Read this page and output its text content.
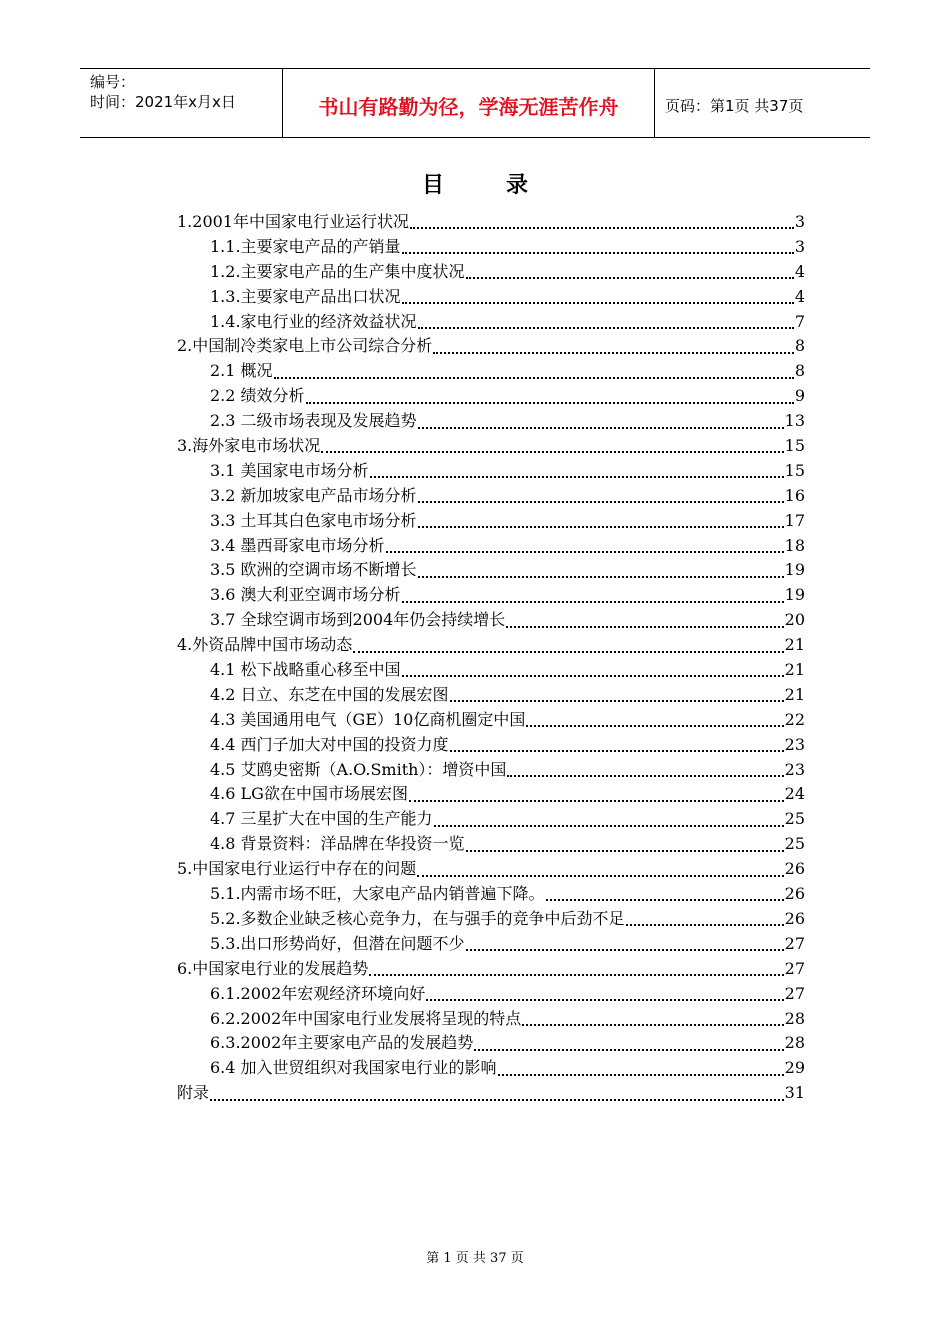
编号：
时间：2021年x月x日	书山有路勤为径，学海无涯苦作舟	页码：第1页 共37页
目	录
1.2001年中国家电行业运行状况	3
1.1.主要家电产品的产销量	3
1.2.主要家电产品的生产集中度状况	4
1.3.主要家电产品出口状况	4
1.4.家电行业的经济效益状况	7
2.中国制冷类家电上市公司综合分析	8
2.1 概况	8
2.2 绩效分析	9
2.3 二级市场表现及发展趋势	13
3.海外家电市场状况	15
3.1 美国家电市场分析	15
3.2 新加坡家电产品市场分析	16
3.3 土耳其白色家电市场分析	17
3.4 墨西哥家电市场分析	18
3.5 欧洲的空调市场不断增长	19
3.6 澳大利亚空调市场分析	19
3.7 全球空调市场到2004年仍会持续增长	20
4.外资品牌中国市场动态	21
4.1 松下战略重心移至中国	21
4.2 日立、东芝在中国的发展宏图	21
4.3 美国通用电气（GE）10亿商机圈定中国	22
4.4 西门子加大对中国的投资力度	23
4.5 艾鸥史密斯（A.O.Smith）：增资中国	23
4.6 LG欲在中国市场展宏图	24
4.7 三星扩大在中国的生产能力	25
4.8 背景资料：洋品牌在华投资一览	25
5.中国家电行业运行中存在的问题	26
5.1.内需市场不旺，大家电产品内销普遍下降。	26
5.2.多数企业缺乏核心竞争力，在与强手的竞争中后劲不足	26
5.3.出口形势尚好，但潜在问题不少	27
6.中国家电行业的发展趋势	27
6.1.2002年宏观经济环境向好	27
6.2.2002年中国家电行业发展将呈现的特点	28
6.3.2002年主要家电产品的发展趋势	28
6.4 加入世贸组织对我国家电行业的影响	29
附录	31
第 1 页 共 37 页
